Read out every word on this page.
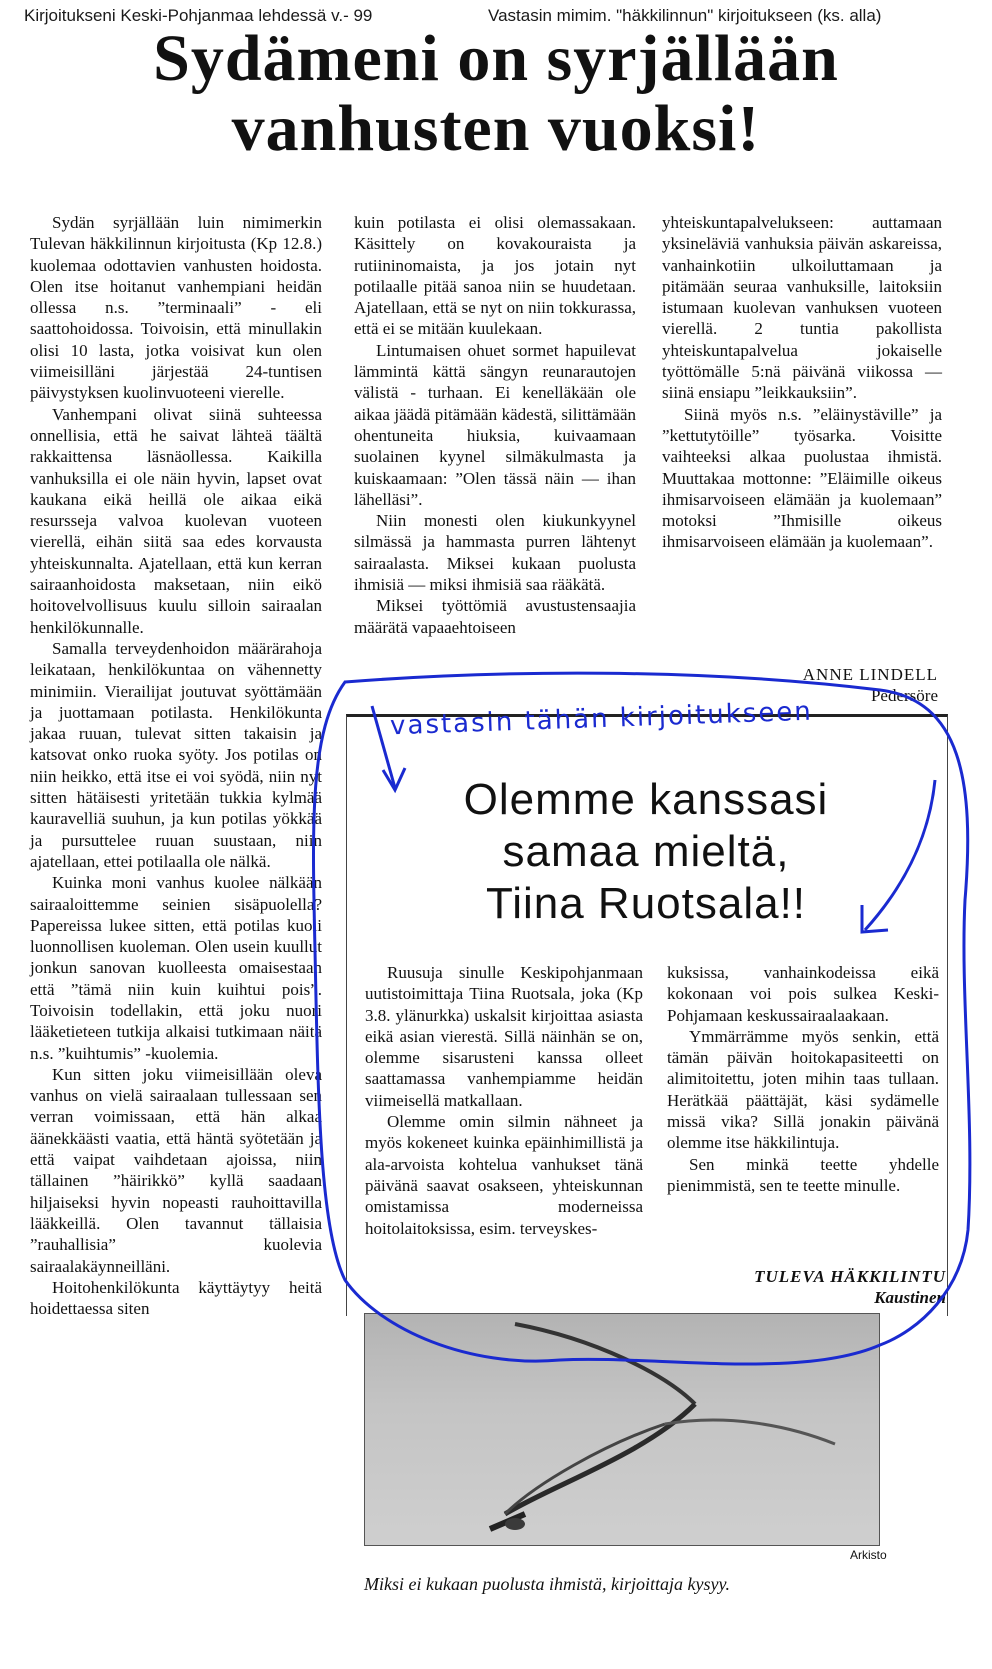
Kirjoitukseni Keski-Pohjanmaa lehdessä v.- 99	Vastasin mimim. "häkkilinnun" kirjoitukseen (ks. alla)
Sydämeni on syrjällään
vanhusten vuoksi!

Sydän syrjällään luin nimimerkin Tulevan häkkilinnun kirjoitusta (Kp 12.8.) kuolemaa odottavien vanhusten hoidosta. Olen itse hoitanut vanhempiani heidän ollessa n.s. ”terminaali” - eli saattohoidossa. Toivoisin, että minullakin olisi 10 lasta, jotka voisivat kun olen viimeisilläni järjestää 24-tuntisen päivystyksen kuolinvuoteeni vierelle.

Vanhempani olivat siinä suhteessa onnellisia, että he saivat lähteä täältä rakkaittensa läsnäollessa. Kaikilla vanhuksilla ei ole näin hyvin, lapset ovat kaukana eikä heillä ole aikaa eikä resursseja valvoa kuolevan vuoteen vierellä, eihän siitä saa edes korvausta yhteiskunnalta. Ajatellaan, että kun kerran sairaanhoidosta maksetaan, niin eikö hoitovelvollisuus kuulu silloin sairaalan henkilökunnalle.

Samalla terveydenhoidon määrärahoja leikataan, henkilökuntaa on vähennetty minimiin. Vierailijat joutuvat syöttämään ja juottamaan potilasta. Henkilökunta jakaa ruuan, tulevat sitten takaisin ja katsovat onko ruoka syöty. Jos potilas on niin heikko, että itse ei voi syödä, niin nyt sitten hätäisesti yritetään tukkia kylmää kauravelliä suuhun, ja kun potilas yökkää ja pursuttelee ruuan suustaan, niin ajatellaan, ettei potilaalla ole nälkä.

Kuinka moni vanhus kuolee nälkään sairaaloittemme seinien sisäpuolella? Papereissa lukee sitten, että potilas kuoli luonnollisen kuoleman. Olen usein kuullut jonkun sanovan kuolleesta omaisestaan että ”tämä niin kuin kuihtui pois”. Toivoisin todellakin, että joku nuori lääketieteen tutkija alkaisi tutkimaan näitä n.s. ”kuihtumis” -kuolemia.

Kun sitten joku viimeisillään oleva vanhus on vielä sairaalaan tullessaan sen verran voimissaan, että hän alkaa äänekkäästi vaatia, että häntä syötetään ja että vaipat vaihdetaan ajoissa, niin tällainen ”häirikkö” kyllä saadaan hiljaiseksi hyvin nopeasti rauhoittavilla lääkkeillä. Olen tavannut tällaisia ”rauhallisia” kuolevia sairaalakäynneilläni.

Hoitohenkilökunta käyttäytyy heitä hoidettaessa siten

kuin potilasta ei olisi olemassakaan. Käsittely on kovakouraista ja rutiininomaista, ja jos jotain nyt potilaalle pitää sanoa niin se huudetaan. Ajatellaan, että se nyt on niin tokkurassa, että ei se mitään kuulekaan.

Lintumaisen ohuet sormet hapuilevat lämmintä kättä sängyn reunarautojen välistä - turhaan. Ei kenelläkään ole aikaa jäädä pitämään kädestä, silittämään ohentuneita hiuksia, kuivaamaan suolainen kyynel silmäkulmasta ja kuiskaamaan: ”Olen tässä näin — ihan lähelläsi”.

Niin monesti olen kiukunkyynel silmässä ja hammasta purren lähtenyt sairaalasta. Miksei kukaan puolusta ihmisiä — miksi ihmisiä saa rääkätä.

Miksei työttömiä avustustensaajia määrätä vapaaehtoiseen

yhteiskuntapalvelukseen: auttamaan yksineläviä vanhuksia päivän askareissa, vanhainkotiin ulkoiluttamaan ja pitämään seuraa vanhuksille, laitoksiin istumaan kuolevan vanhuksen vuoteen vierellä. 2 tuntia pakollista yhteiskuntapalvelua jokaiselle työttömälle 5:nä päivänä viikossa — siinä ensiapu ”leikkauksiin”.

Siinä myös n.s. ”eläinystäville” ja ”kettutytöille” työsarka. Voisitte vaihteeksi alkaa puolustaa ihmistä. Muuttakaa mottonne: ”Eläimille oikeus ihmisarvoiseen elämään ja kuolemaan” motoksi ”Ihmisille oikeus ihmisarvoiseen elämään ja kuolemaan”.

ANNE LINDELL
Pedersöre
Olemme kanssasi
samaa mieltä,
Tiina Ruotsala!!

Ruusuja sinulle Keskipohjanmaan uutistoimittaja Tiina Ruotsala, joka (Kp 3.8. ylänurkka) uskalsit kirjoittaa asiasta eikä asian vierestä. Sillä näinhän se on, olemme sisarusteni kanssa olleet saattamassa vanhempiamme heidän viimeisellä matkallaan.

Olemme omin silmin nähneet ja myös kokeneet kuinka epäinhimillistä ja ala-arvoista kohtelua vanhukset tänä päivänä saavat osakseen, yhteiskunnan omistamissa moderneissa hoitolaitoksissa, esim. terveyskes-

kuksissa, vanhainkodeissa eikä kokonaan voi pois sulkea Keski-Pohjamaan keskussairaalaakaan.

Ymmärrämme myös senkin, että tämän päivän hoitokapasiteetti on alimitoitettu, joten mihin taas tullaan. Herätkää päättäjät, käsi sydämelle missä vika? Sillä jonakin päivänä olemme itse häkkilintuja.

Sen minkä teette yhdelle pienimmistä, sen te teette minulle.

TULEVA HÄKKILINTU
Kaustinen
Arkisto
Miksi ei kukaan puolusta ihmistä, kirjoittaja kysyy.
vastasin tähän kirjoitukseen
